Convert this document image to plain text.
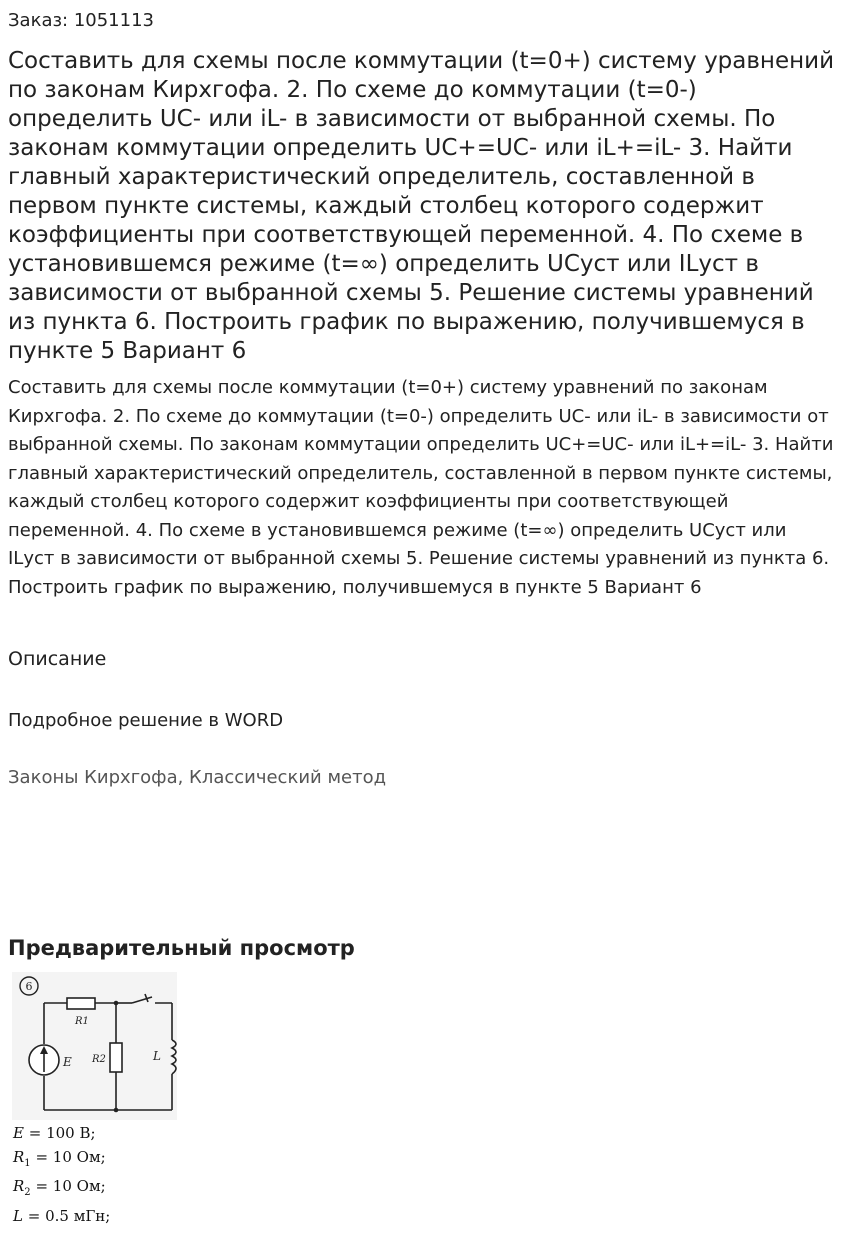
Заказ: 1051113
Составить для схемы после коммутации (t=0+) систему уравнений по законам Кирхгофа. 2. По схеме до коммутации (t=0-) определить UC- или iL- в зависимости от выбранной схемы. По законам коммутации определить UC+=UC- или iL+=iL- 3. Найти главный характеристический определитель, составленной в первом пункте системы, каждый столбец которого содержит коэффициенты при соответствующей переменной. 4. По схеме в установившемся режиме (t=∞) определить UCуст или ILуст в зависимости от выбранной схемы 5. Решение системы уравнений из пункта 6. Построить график по выражению, получившемуся в пункте 5 Вариант 6

Составить для схемы после коммутации (t=0+) систему уравнений по законам Кирхгофа. 2. По схеме до коммутации (t=0-) определить UC- или iL- в зависимости от выбранной схемы. По законам коммутации определить UC+=UC- или iL+=iL- 3. Найти главный характеристический определитель, составленной в первом пункте системы, каждый столбец которого содержит коэффициенты при соответствующей переменной. 4. По схеме в установившемся режиме (t=∞) определить UCуст или ILуст в зависимости от выбранной схемы 5. Решение системы уравнений из пункта 6. Построить график по выражению, получившемуся в пункте 5 Вариант 6

Описание
Подробное решение в WORD
Законы Кирхгофа, Классический метод
Предварительный просмотр
6
R1
R2
E	L
E = 100 В;
$R_1 = 10$ Ом;
$R_2 = 10$ Ом;
L = 0.5 мГн;
